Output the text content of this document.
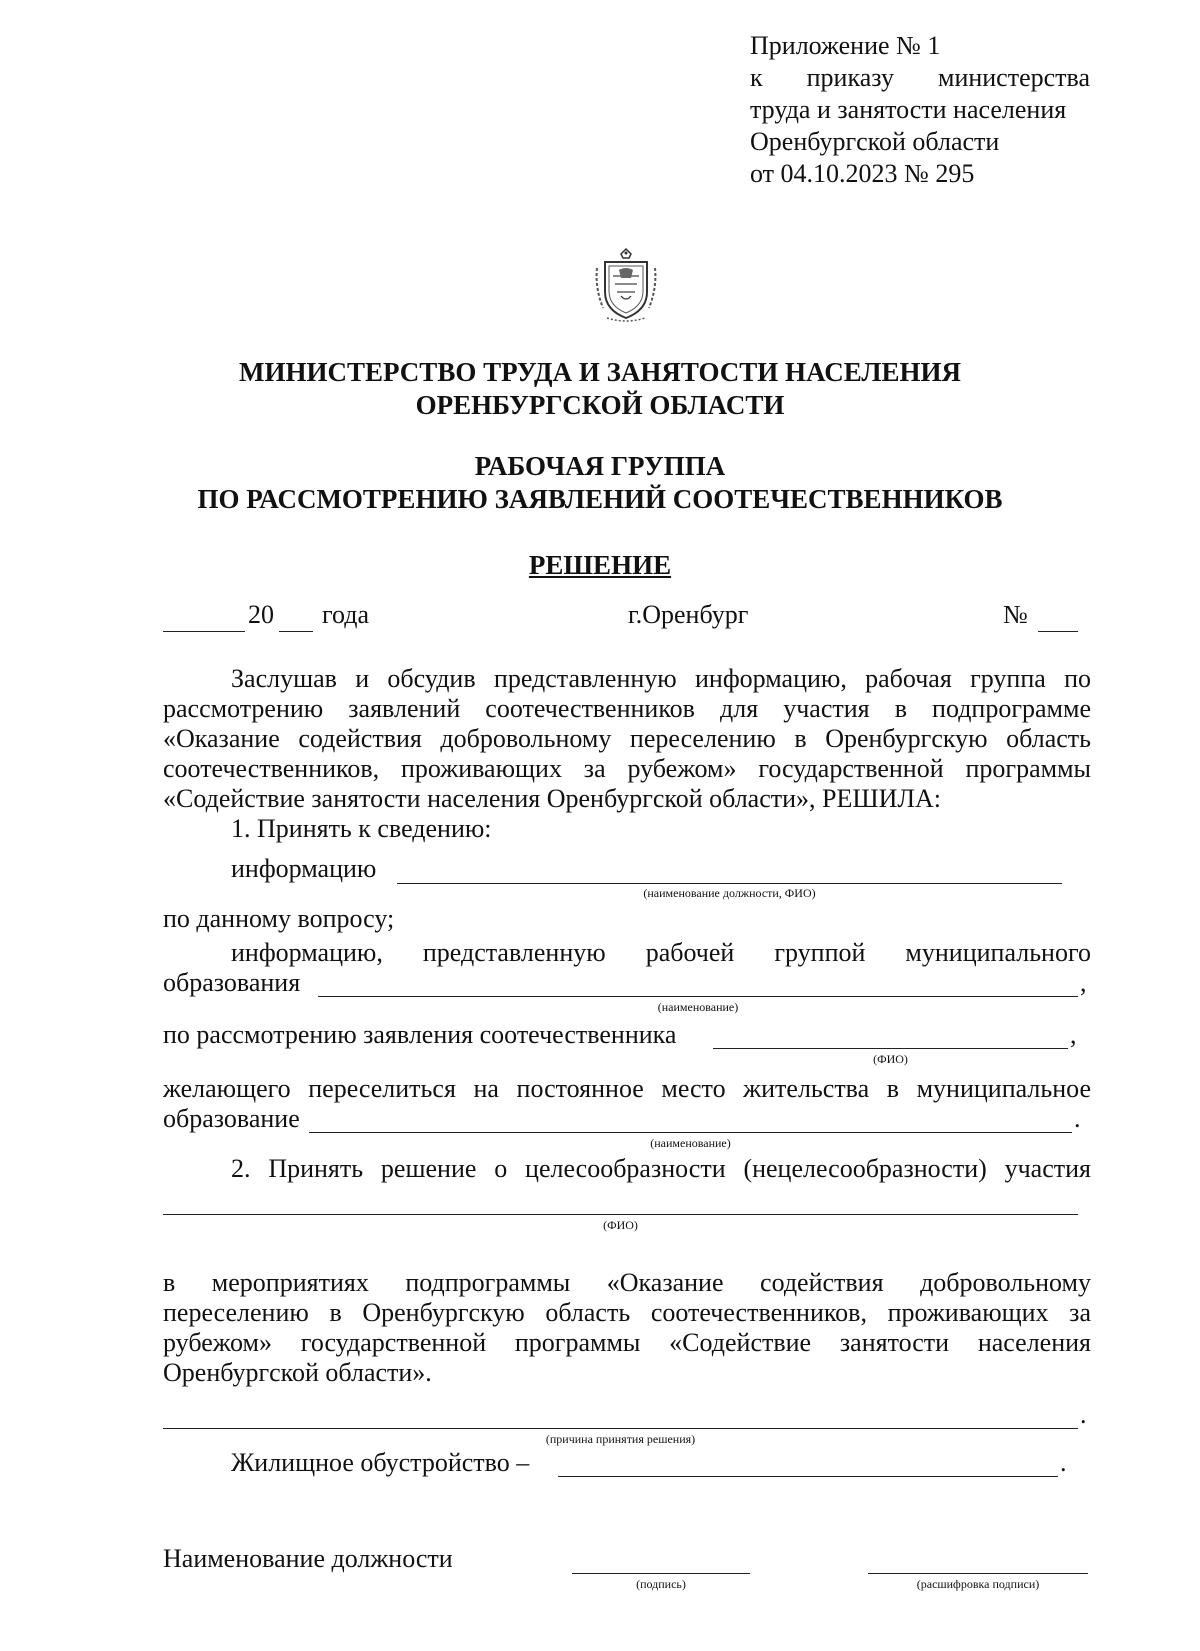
Приложение № 1
к приказу министерства
труда и занятости населения
Оренбургской области
от 04.10.2023 № 295
МИНИСТЕРСТВО ТРУДА И ЗАНЯТОСТИ НАСЕЛЕНИЯ
ОРЕНБУРГСКОЙ ОБЛАСТИ
РАБОЧАЯ ГРУППА
ПО РАССМОТРЕНИЮ ЗАЯВЛЕНИЙ СООТЕЧЕСТВЕННИКОВ
РЕШЕНИЕ
20 года	г.Оренбург	№
Заслушав и обсудив представленную информацию, рабочая группа по
рассмотрению заявлений соотечественников для участия в подпрограмме
«Оказание содействия добровольному переселению в Оренбургскую область
соотечественников, проживающих за рубежом» государственной программы
«Содействие занятости населения Оренбургской области», РЕШИЛА:
1. Принять к сведению:
информацию
(наименование должности, ФИО)
по данному вопросу;
информацию, представленную рабочей группой муниципального
образования	,
(наименование)
по рассмотрению заявления соотечественника	,
(ФИО)
желающего переселиться на постоянное место жительства в муниципальное
образование	.
(наименование)
2. Принять решение о целесообразности (нецелесообразности) участия
(ФИО)
в мероприятиях подпрограммы «Оказание содействия добровольному
переселению в Оренбургскую область соотечественников, проживающих за
рубежом» государственной программы «Содействие занятости населения
Оренбургской области».
.
(причина принятия решения)
Жилищное обустройство –	.
Наименование должности
(подпись)	(расшифровка подписи)
